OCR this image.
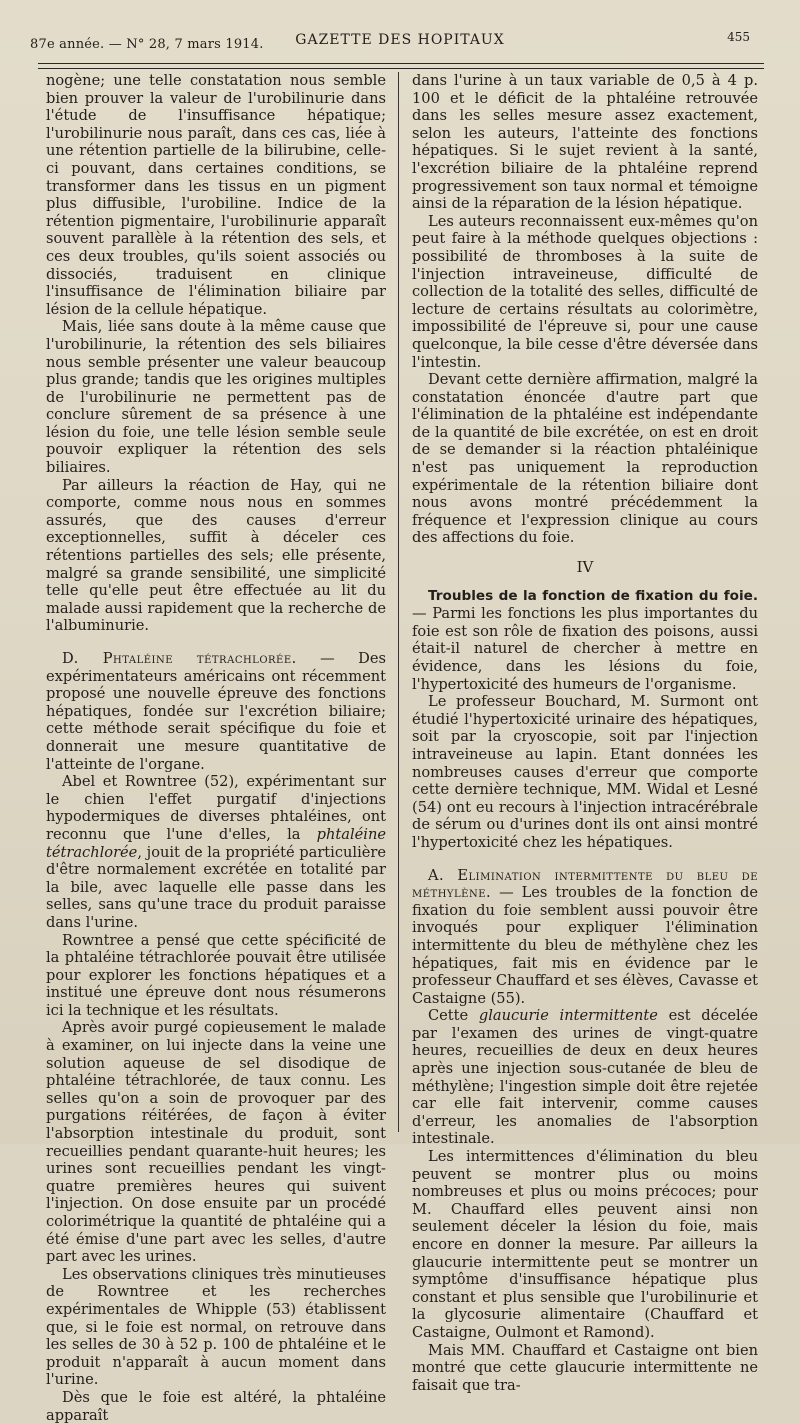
87e année. — N° 28, 7 mars 1914.	GAZETTE DES HOPITAUX	455

nogène; une telle constatation nous semble bien prouver la valeur de l'urobilinurie dans l'étude de l'insuffisance hépatique; l'urobilinurie nous paraît, dans ces cas, liée à une rétention partielle de la bilirubine, celle-ci pouvant, dans certaines conditions, se transformer dans les tissus en un pigment plus diffusible, l'urobiline. Indice de la rétention pigmentaire, l'urobilinurie apparaît souvent parallèle à la rétention des sels, et ces deux troubles, qu'ils soient associés ou dissociés, traduisent en clinique l'insuffisance de l'élimination biliaire par lésion de la cellule hépatique.

Mais, liée sans doute à la même cause que l'urobilinurie, la rétention des sels biliaires nous semble présenter une valeur beaucoup plus grande; tandis que les origines multiples de l'urobilinurie ne permettent pas de conclure sûrement de sa présence à une lésion du foie, une telle lésion semble seule pouvoir expliquer la rétention des sels biliaires.

Par ailleurs la réaction de Hay, qui ne comporte, comme nous nous en sommes assurés, que des causes d'erreur exceptionnelles, suffit à déceler ces rétentions partielles des sels; elle présente, malgré sa grande sensibilité, une simplicité telle qu'elle peut être effectuée au lit du malade aussi rapidement que la recherche de l'albuminurie.

D. Phtaléine tétrachlorée. — Des expérimentateurs américains ont récemment proposé une nouvelle épreuve des fonctions hépatiques, fondée sur l'excrétion biliaire; cette méthode serait spécifique du foie et donnerait une mesure quantitative de l'atteinte de l'organe.

Abel et Rowntree (52), expérimentant sur le chien l'effet purgatif d'injections hypodermiques de diverses phtaléines, ont reconnu que l'une d'elles, la phtaléine tétrachlorée, jouit de la propriété particulière d'être normalement excrétée en totalité par la bile, avec laquelle elle passe dans les selles, sans qu'une trace du produit paraisse dans l'urine.

Rowntree a pensé que cette spécificité de la phtaléine tétrachlorée pouvait être utilisée pour explorer les fonctions hépatiques et a institué une épreuve dont nous résumerons ici la technique et les résultats.

Après avoir purgé copieusement le malade à examiner, on lui injecte dans la veine une solution aqueuse de sel disodique de phtaléine tétrachlorée, de taux connu. Les selles qu'on a soin de provoquer par des purgations réitérées, de façon à éviter l'absorption intestinale du produit, sont recueillies pendant quarante-huit heures; les urines sont recueillies pendant les vingt-quatre premières heures qui suivent l'injection. On dose ensuite par un procédé colorimétrique la quantité de phtaléine qui a été émise d'une part avec les selles, d'autre part avec les urines.

Les observations cliniques très minutieuses de Rowntree et les recherches expérimentales de Whipple (53) établissent que, si le foie est normal, on retrouve dans les selles de 30 à 52 p. 100 de phtaléine et le produit n'apparaît à aucun moment dans l'urine.

Dès que le foie est altéré, la phtaléine apparaît

dans l'urine à un taux variable de 0,5 à 4 p. 100 et le déficit de la phtaléine retrouvée dans les selles mesure assez exactement, selon les auteurs, l'atteinte des fonctions hépatiques. Si le sujet revient à la santé, l'excrétion biliaire de la phtaléine reprend progressivement son taux normal et témoigne ainsi de la réparation de la lésion hépatique.

Les auteurs reconnaissent eux-mêmes qu'on peut faire à la méthode quelques objections : possibilité de thromboses à la suite de l'injection intraveineuse, difficulté de collection de la totalité des selles, difficulté de lecture de certains résultats au colorimètre, impossibilité de l'épreuve si, pour une cause quelconque, la bile cesse d'être déversée dans l'intestin.

Devant cette dernière affirmation, malgré la constatation énoncée d'autre part que l'élimination de la phtaléine est indépendante de la quantité de bile excrétée, on est en droit de se demander si la réaction phtaléinique n'est pas uniquement la reproduction expérimentale de la rétention biliaire dont nous avons montré précédemment la fréquence et l'expression clinique au cours des affections du foie.

IV

Troubles de la fonction de fixation du foie. — Parmi les fonctions les plus importantes du foie est son rôle de fixation des poisons, aussi était-il naturel de chercher à mettre en évidence, dans les lésions du foie, l'hypertoxicité des humeurs de l'organisme.

Le professeur Bouchard, M. Surmont ont étudié l'hypertoxicité urinaire des hépatiques, soit par la cryoscopie, soit par l'injection intraveineuse au lapin. Etant données les nombreuses causes d'erreur que comporte cette dernière technique, MM. Widal et Lesné (54) ont eu recours à l'injection intracérébrale de sérum ou d'urines dont ils ont ainsi montré l'hypertoxicité chez les hépatiques.

A. Elimination intermittente du bleu de méthylène. — Les troubles de la fonction de fixation du foie semblent aussi pouvoir être invoqués pour expliquer l'élimination intermittente du bleu de méthylène chez les hépatiques, fait mis en évidence par le professeur Chauffard et ses élèves, Cavasse et Castaigne (55).

Cette glaucurie intermittente est décelée par l'examen des urines de vingt-quatre heures, recueillies de deux en deux heures après une injection sous-cutanée de bleu de méthylène; l'ingestion simple doit être rejetée car elle fait intervenir, comme causes d'erreur, les anomalies de l'absorption intestinale.

Les intermittences d'élimination du bleu peuvent se montrer plus ou moins nombreuses et plus ou moins précoces; pour M. Chauffard elles peuvent ainsi non seulement déceler la lésion du foie, mais encore en donner la mesure. Par ailleurs la glaucurie intermittente peut se montrer un symptôme d'insuffisance hépatique plus constant et plus sensible que l'urobilinurie et la glycosurie alimentaire (Chauffard et Castaigne, Oulmont et Ramond).

Mais MM. Chauffard et Castaigne ont bien montré que cette glaucurie intermittente ne faisait que tra-
